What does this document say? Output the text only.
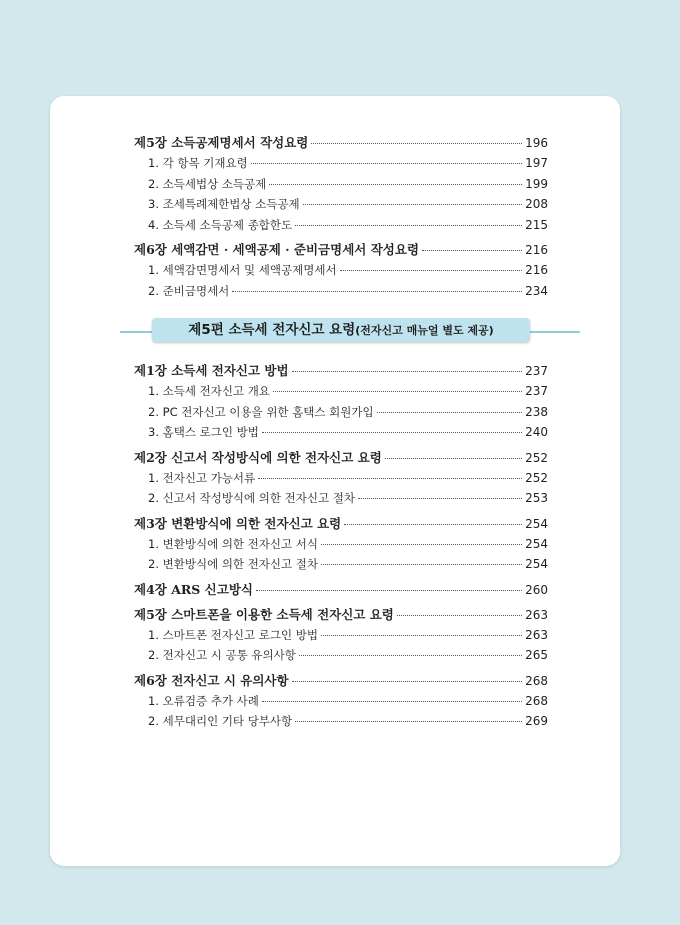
제5장 소득공제명세서 작성요령	196
1. 각 항목 기재요령	197
2. 소득세법상 소득공제	199
3. 조세특례제한법상 소득공제	208
4. 소득세 소득공제 종합한도	215
제6장 세액감면 · 세액공제 · 준비금명세서 작성요령	216
1. 세액감면명세서 및 세액공제명세서	216
2. 준비금명세서	234
제5편 소득세 전자신고 요령(전자신고 매뉴얼 별도 제공)
제1장 소득세 전자신고 방법	237
1. 소득세 전자신고 개요	237
2. PC 전자신고 이용을 위한 홈택스 회원가입	238
3. 홈택스 로그인 방법	240
제2장 신고서 작성방식에 의한 전자신고 요령	252
1. 전자신고 가능서류	252
2. 신고서 작성방식에 의한 전자신고 절차	253
제3장 변환방식에 의한 전자신고 요령	254
1. 변환방식에 의한 전자신고 서식	254
2. 변환방식에 의한 전자신고 절차	254
제4장 ARS 신고방식	260
제5장 스마트폰을 이용한 소득세 전자신고 요령	263
1. 스마트폰 전자신고 로그인 방법	263
2. 전자신고 시 공통 유의사항	265
제6장 전자신고 시 유의사항	268
1. 오류검증 추가 사례	268
2. 세무대리인 기타 당부사항	269
